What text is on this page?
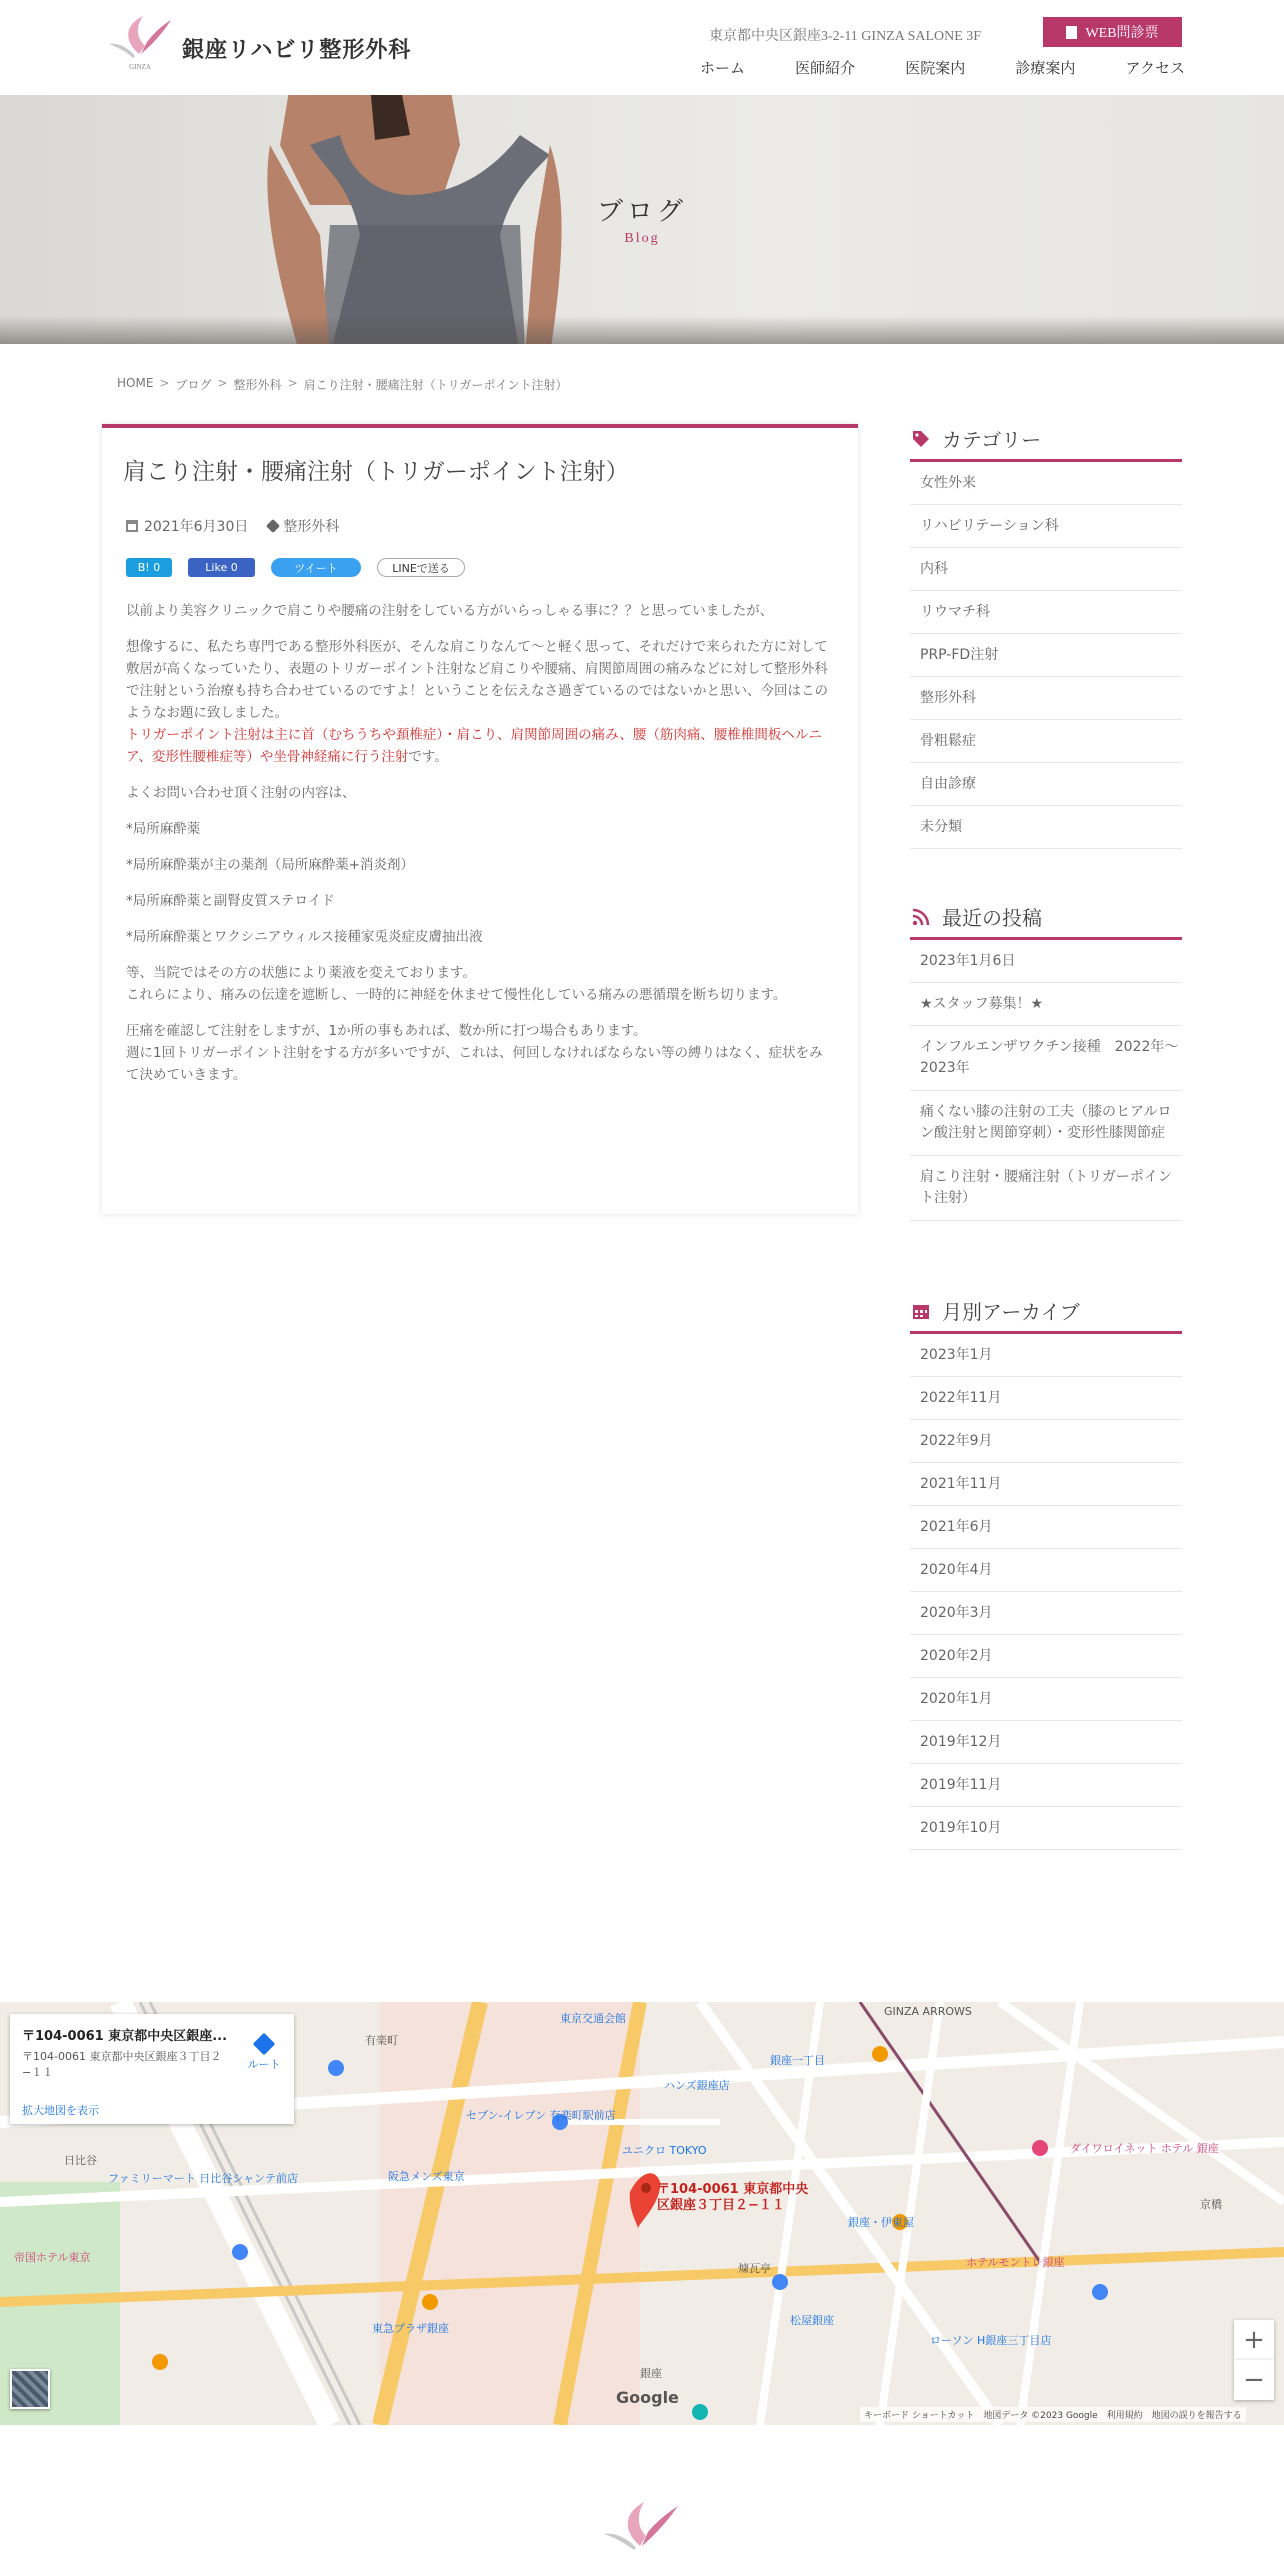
GINZA
銀座リハビリ整形外科
東京都中央区銀座3-2-11 GINZA SALONE 3F	WEB問診票
ホーム	医師紹介	医院案内	診療案内	アクセス
ブログ
Blog
HOME > ブログ > 整形外科 > 肩こり注射・腰痛注射（トリガーポイント注射）
肩こり注射・腰痛注射（トリガーポイント注射）
2021年6月30日	整形外科
B! 0	Like 0	ツイート	LINEで送る

以前より美容クリニックで肩こりや腰痛の注射をしている方がいらっしゃる事に？？と思っていましたが、

想像するに、私たち専門である整形外科医が、そんな肩こりなんて〜と軽く思って、それだけで来られた方に対して敷居が高くなっていたり、表題のトリガーポイント注射など肩こりや腰痛、肩関節周囲の痛みなどに対して整形外科で注射という治療も持ち合わせているのですよ！ということを伝えなさ過ぎているのではないかと思い、今回はこのようなお題に致しました。
トリガーポイント注射は主に首（むちうちや頚椎症）・肩こり、肩関節周囲の痛み、腰（筋肉痛、腰椎椎間板ヘルニア、変形性腰椎症等）や坐骨神経痛に行う注射です。

よくお問い合わせ頂く注射の内容は、

*局所麻酔薬

*局所麻酔薬が主の薬剤（局所麻酔薬+消炎剤）

*局所麻酔薬と副腎皮質ステロイド

*局所麻酔薬とワクシニアウィルス接種家兎炎症皮膚抽出液

等、当院ではその方の状態により薬液を変えております。

これらにより、痛みの伝達を遮断し、一時的に神経を休ませて慢性化している痛みの悪循環を断ち切ります。

圧痛を確認して注射をしますが、1か所の事もあれば、数か所に打つ場合もあります。

週に1回トリガーポイント注射をする方が多いですが、これは、何回しなければならない等の縛りはなく、症状をみて決めていきます。

カテゴリー
女性外来
リハビリテーション科
内科
リウマチ科
PRP-FD注射
整形外科
骨粗鬆症
自由診療
未分類
最近の投稿
2023年1月6日
★スタッフ募集！★
インフルエンザワクチン接種　2022年〜2023年
痛くない膝の注射の工夫（膝のヒアルロン酸注射と関節穿刺）・変形性膝関節症
肩こり注射・腰痛注射（トリガーポイント注射）
月別アーカイブ
2023年1月
2022年11月
2022年9月
2021年11月
2021年6月
2020年4月
2020年3月
2020年2月
2020年1月
2019年12月
2019年11月
2019年10月
有楽町
東京交通会館
ハンズ銀座店
ユニクロ TOKYO
銀座・伊東屋
松屋銀座
ダイワロイネット ホテル 銀座
ホテルモントレ銀座
東急プラザ銀座
阪急メンズ東京
帝国ホテル東京
ファミリーマート 日比谷シャンテ前店
銀座一丁目
GINZA ARROWS
銀座
煉瓦亭
ローソン H銀座三丁目店
セブン-イレブン 有楽町駅前店
日比谷
京橋
〒104-0061 東京都中央
区銀座３丁目２−１１
〒104-0061 東京都中央区銀座...
〒104-0061 東京都中央区銀座３丁目２−１１
拡大地図を表示
ルート
+
−
Google
キーボード ショートカット　地図データ ©2023 Google　利用規約　地図の誤りを報告する
